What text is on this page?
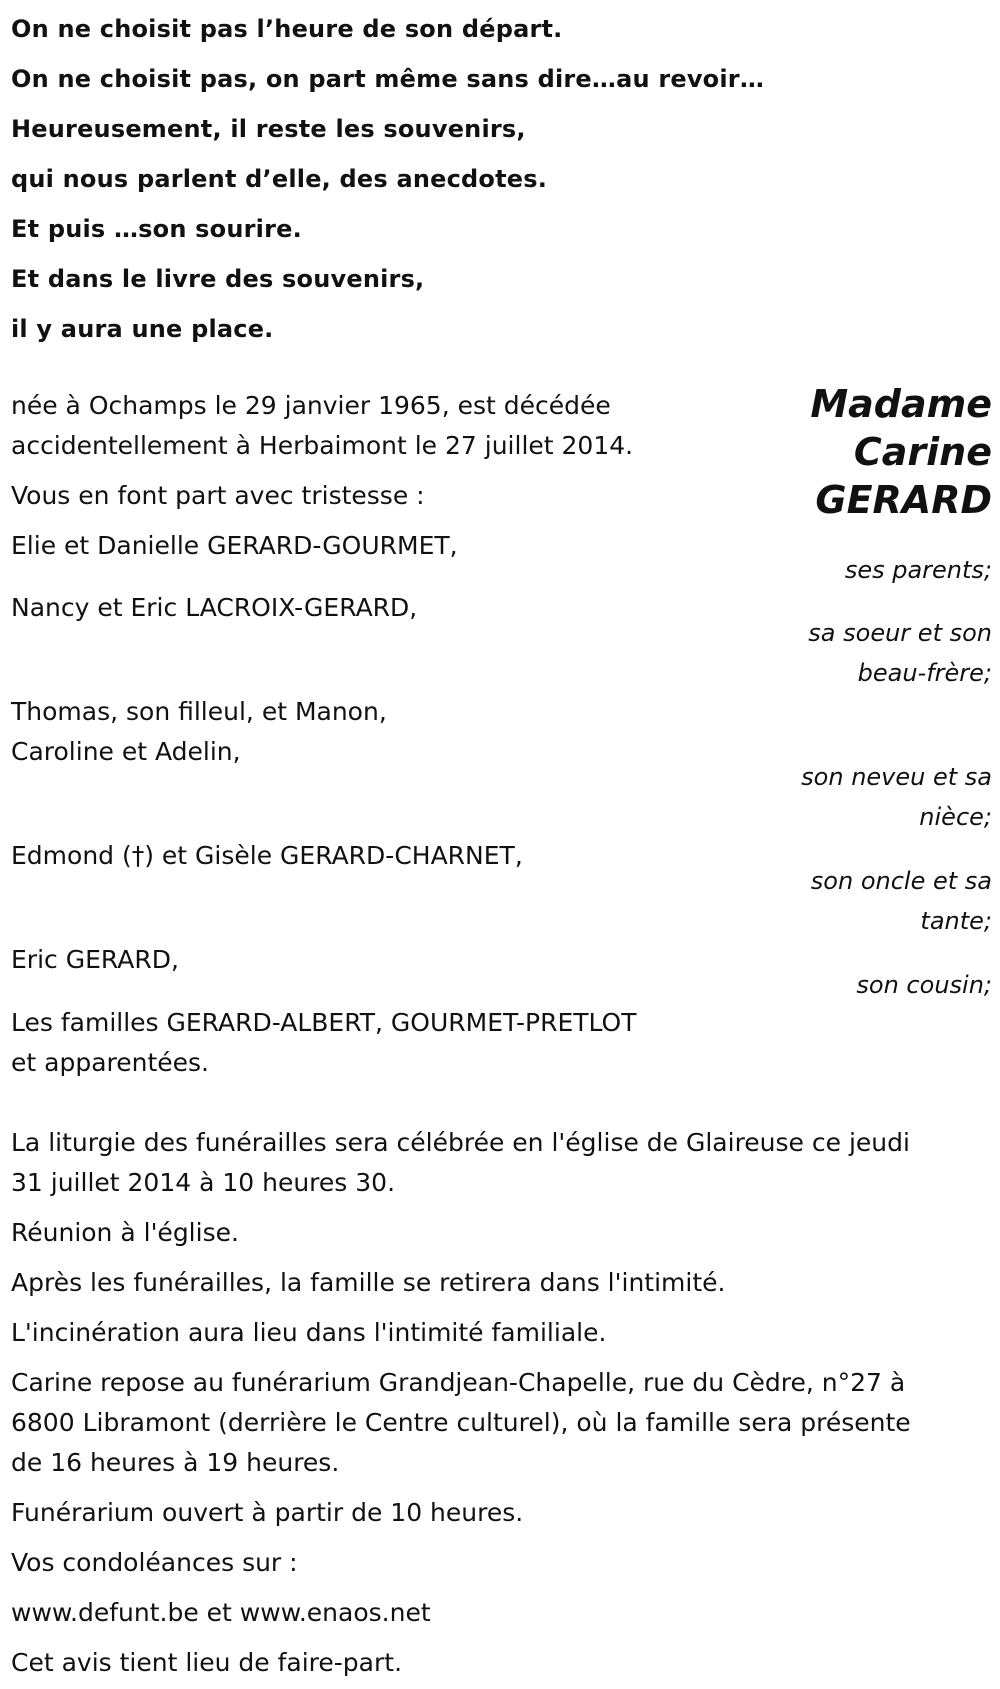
On ne choisit pas l’heure de son départ.
On ne choisit pas, on part même sans dire…au revoir…
Heureusement, il reste les souvenirs,
qui nous parlent d’elle, des anecdotes.
Et puis …son sourire.
Et dans le livre des souvenirs,
il y aura une place.
Madame
Carine
GERARD
née à Ochamps le 29 janvier 1965, est décédée
accidentellement à Herbaimont le 27 juillet 2014.
Vous en font part avec tristesse :
Elie et Danielle GERARD-GOURMET,
Nancy et Eric LACROIX-GERARD,
Thomas, son filleul, et Manon,
Caroline et Adelin,
Edmond (†) et Gisèle GERARD-CHARNET,
Eric GERARD,
Les familles GERARD-ALBERT, GOURMET-PRETLOT
et apparentées.
ses parents;
sa soeur et son
beau-frère;
son neveu et sa
nièce;
son oncle et sa
tante;
son cousin;
La liturgie des funérailles sera célébrée en l'église de Glaireuse ce jeudi
31 juillet 2014 à 10 heures 30.
Réunion à l'église.
Après les funérailles, la famille se retirera dans l'intimité.
L'incinération aura lieu dans l'intimité familiale.
Carine repose au funérarium Grandjean-Chapelle, rue du Cèdre, n°27 à
6800 Libramont (derrière le Centre culturel), où la famille sera présente
de 16 heures à 19 heures.
Funérarium ouvert à partir de 10 heures.
Vos condoléances sur :
www.defunt.be et www.enaos.net
Cet avis tient lieu de faire-part.
